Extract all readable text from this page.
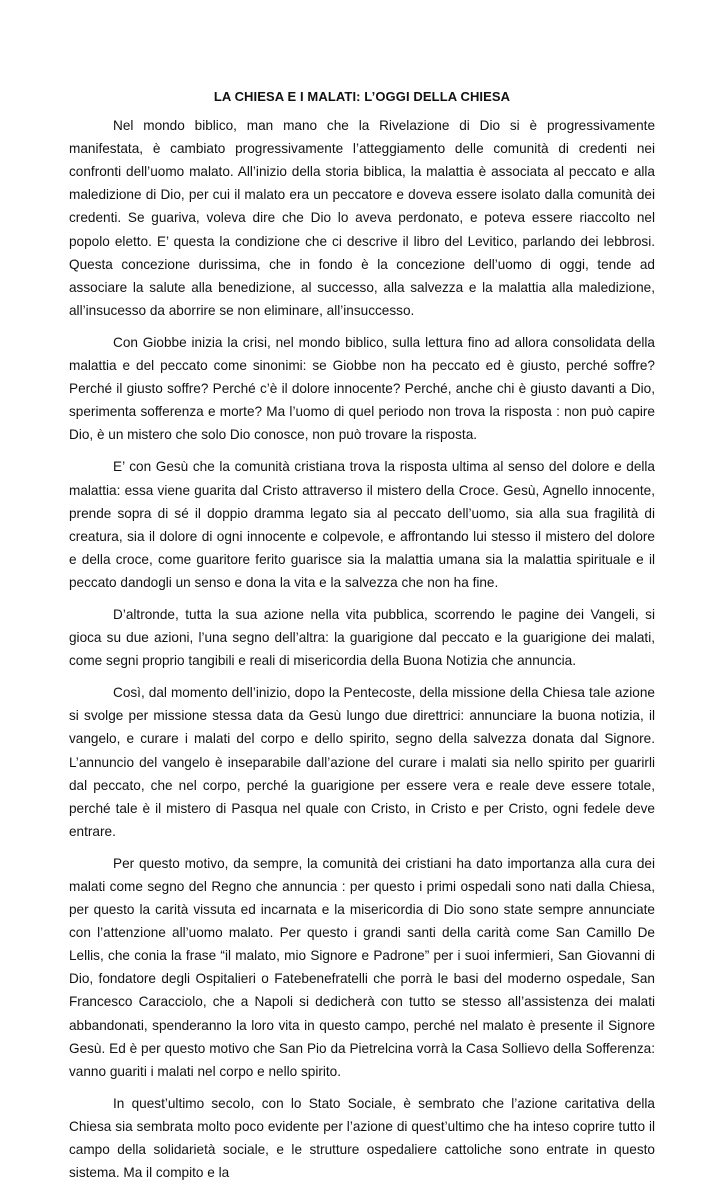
LA CHIESA E I MALATI: L’OGGI DELLA CHIESA

Nel mondo biblico, man mano che la Rivelazione di Dio si è progressivamente manifestata, è cambiato progressivamente l’atteggiamento delle comunità di credenti nei confronti dell’uomo malato. All’inizio della storia biblica, la malattia è associata al peccato e alla maledizione di Dio, per cui il malato era un peccatore e doveva essere isolato dalla comunità dei credenti. Se guariva, voleva dire che Dio lo aveva perdonato, e poteva essere riaccolto nel popolo eletto. E’ questa la condizione che ci descrive il libro del Levitico, parlando dei lebbrosi. Questa concezione durissima, che in fondo è la concezione dell’uomo di oggi, tende ad associare la salute alla benedizione, al successo, alla salvezza e la malattia alla maledizione, all’insucesso da aborrire se non eliminare, all’insuccesso.

Con Giobbe inizia la crisi, nel mondo biblico, sulla lettura fino ad allora consolidata della malattia e del peccato come sinonimi: se Giobbe non ha peccato ed è giusto, perché soffre? Perché il giusto soffre? Perché c’è il dolore innocente? Perché, anche chi è giusto davanti a Dio, sperimenta sofferenza e morte? Ma l’uomo di quel periodo non trova la risposta : non può capire Dio, è un mistero che solo Dio conosce, non può trovare la risposta.

E’ con Gesù che la comunità cristiana trova la risposta ultima al senso del dolore e della malattia: essa viene guarita dal Cristo attraverso il mistero della Croce. Gesù, Agnello innocente, prende sopra di sé il doppio dramma legato sia al peccato dell’uomo, sia alla sua fragilità di creatura, sia il dolore di ogni innocente e colpevole, e affrontando lui stesso il mistero del dolore e della croce, come guaritore ferito guarisce sia la malattia umana sia la malattia spirituale e il peccato dandogli un senso e dona la vita e la salvezza che non ha fine.

D’altronde, tutta la sua azione nella vita pubblica, scorrendo le pagine dei Vangeli, si gioca su due azioni, l’una segno dell’altra: la guarigione dal peccato e la guarigione dei malati, come segni proprio tangibili e reali di misericordia della Buona Notizia che annuncia.

Così, dal momento dell’inizio, dopo la Pentecoste, della missione della Chiesa tale azione si svolge per missione stessa data da Gesù lungo due direttrici: annunciare la buona notizia, il vangelo, e curare i malati del corpo e dello spirito, segno della salvezza donata dal Signore. L’annuncio del vangelo è inseparabile dall’azione del curare i malati sia nello spirito per guarirli dal peccato, che nel corpo, perché la guarigione per essere vera e reale deve essere totale, perché tale è il mistero di Pasqua nel quale con Cristo, in Cristo e per Cristo, ogni fedele deve entrare.

Per questo motivo, da sempre, la comunità dei cristiani ha dato importanza alla cura dei malati come segno del Regno che annuncia : per questo i primi ospedali sono nati dalla Chiesa, per questo la carità vissuta ed incarnata e la misericordia di Dio sono state sempre annunciate con l’attenzione all’uomo malato. Per questo i grandi santi della carità come San Camillo De Lellis, che conia la frase “il malato, mio Signore e Padrone” per i suoi infermieri, San Giovanni di Dio, fondatore degli Ospitalieri o Fatebenefratelli che porrà le basi del moderno ospedale, San Francesco Caracciolo, che a Napoli si dedicherà con tutto se stesso all’assistenza dei malati abbandonati, spenderanno la loro vita in questo campo, perché nel malato è presente il Signore Gesù. Ed è per questo motivo che San Pio da Pietrelcina vorrà la Casa Sollievo della Sofferenza: vanno guariti i malati nel corpo e nello spirito.

In quest’ultimo secolo, con lo Stato Sociale, è sembrato che l’azione caritativa della Chiesa sia sembrata molto poco evidente per l’azione di quest’ultimo che ha inteso coprire tutto il campo della solidarietà sociale, e le strutture ospedaliere cattoliche sono entrate in questo sistema. Ma il compito e la
